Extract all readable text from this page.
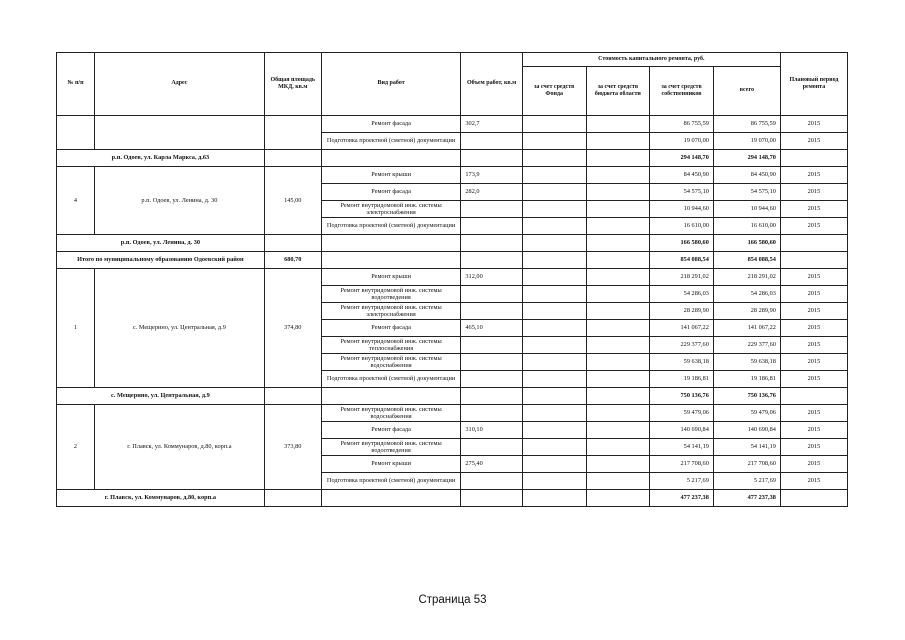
№ п/п	Адрес	Общая площадь МКД, кв.м	Вид работ	Объем работ, кв.м	Стоимость капитального ремонта, руб.				Плановый период ремонта
					за счет средств Фонда	за счет средств бюджета области	за счет средств собственников	всего	
			Ремонт фасада	302,7			86 755,59	86 755,59	2015
			Подготовка проектной (сметной) документации				19 070,00	19 070,00	2015
р.п. Одоев, ул. Карла Маркса, д.63							294 148,70	294 148,70	
4	р.п. Одоев, ул. Ленина, д. 30	145,00	Ремонт крыши	173,9			84 450,90	84 450,90	2015
			Ремонт фасада	282,0			54 575,10	54 575,10	2015
			Ремонт внутридомовой инж. системы электроснабжения				10 944,60	10 944,60	2015
			Подготовка проектной (сметной) документации				16 610,00	16 610,00	2015
р.п. Одоев, ул. Ленина, д. 30							166 580,60	166 580,60	
Итого по муниципальному образованию Одоевский район		680,70					854 088,54	854 088,54	
1	с. Мещерино, ул. Центральная, д.9	374,80	Ремонт крыши	312,00			218 291,02	218 291,02	2015
			Ремонт внутридомовой инж. системы водоотведения				54 286,03	54 286,03	2015
			Ремонт внутридомовой инж. системы электроснабжения				28 289,90	28 289,90	2015
			Ремонт фасада	465,10			141 067,22	141 067,22	2015
			Ремонт внутридомовой инж. системы теплоснабжения				229 377,60	229 377,60	2015
			Ремонт внутридомовой инж. системы водоснабжения				59 638,18	59 638,18	2015
			Подготовка проектной (сметной) документации				19 186,81	19 186,81	2015
с. Мещерино, ул. Центральная, д.9							750 136,76	750 136,76	
2	г. Плавск, ул. Коммунаров, д.80, корп.а	373,80	Ремонт внутридомовой инж. системы водоснабжения				59 479,06	59 479,06	2015
			Ремонт фасада	310,10			140 690,84	140 690,84	2015
			Ремонт внутридомовой инж. системы водоотведения				54 141,19	54 141,19	2015
			Ремонт крыши	275,40			217 708,60	217 708,60	2015
			Подготовка проектной (сметной) документации				5 217,69	5 217,69	2015
г. Плавск, ул. Коммунаров, д.80, корп.а							477 237,38	477 237,38	
Страница 53
